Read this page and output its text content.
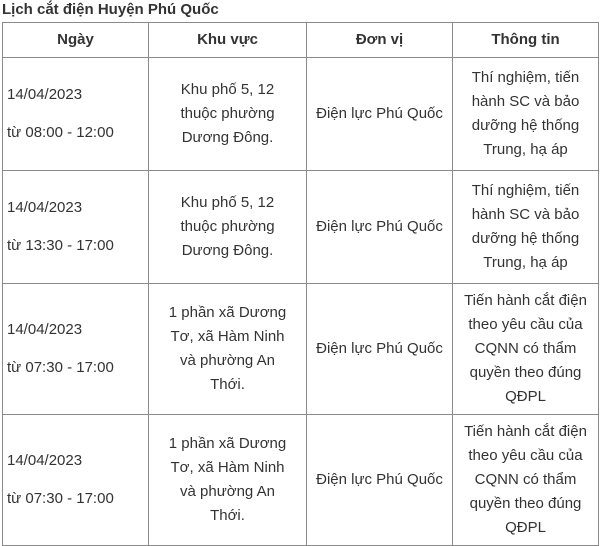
Lịch cắt điện Huyện Phú Quốc
Ngày	Khu vực	Đơn vị	Thông tin

14/04/2023
từ 08:00 - 12:00	Khu phố 5, 12
thuộc phường
Dương Đông.	Điện lực Phú Quốc	Thí nghiệm, tiến
hành SC và bảo
dưỡng hệ thống
Trung, hạ áp

14/04/2023
từ 13:30 - 17:00	Khu phố 5, 12
thuộc phường
Dương Đông.	Điện lực Phú Quốc	Thí nghiệm, tiến
hành SC và bảo
dưỡng hệ thống
Trung, hạ áp

14/04/2023
từ 07:30 - 17:00	1 phần xã Dương
Tơ, xã Hàm Ninh
và phường An
Thới.	Điện lực Phú Quốc	Tiến hành cắt điện
theo yêu cầu của
CQNN có thẩm
quyền theo đúng
QĐPL

14/04/2023
từ 07:30 - 17:00	1 phần xã Dương
Tơ, xã Hàm Ninh
và phường An
Thới.	Điện lực Phú Quốc	Tiến hành cắt điện
theo yêu cầu của
CQNN có thẩm
quyền theo đúng
QĐPL
